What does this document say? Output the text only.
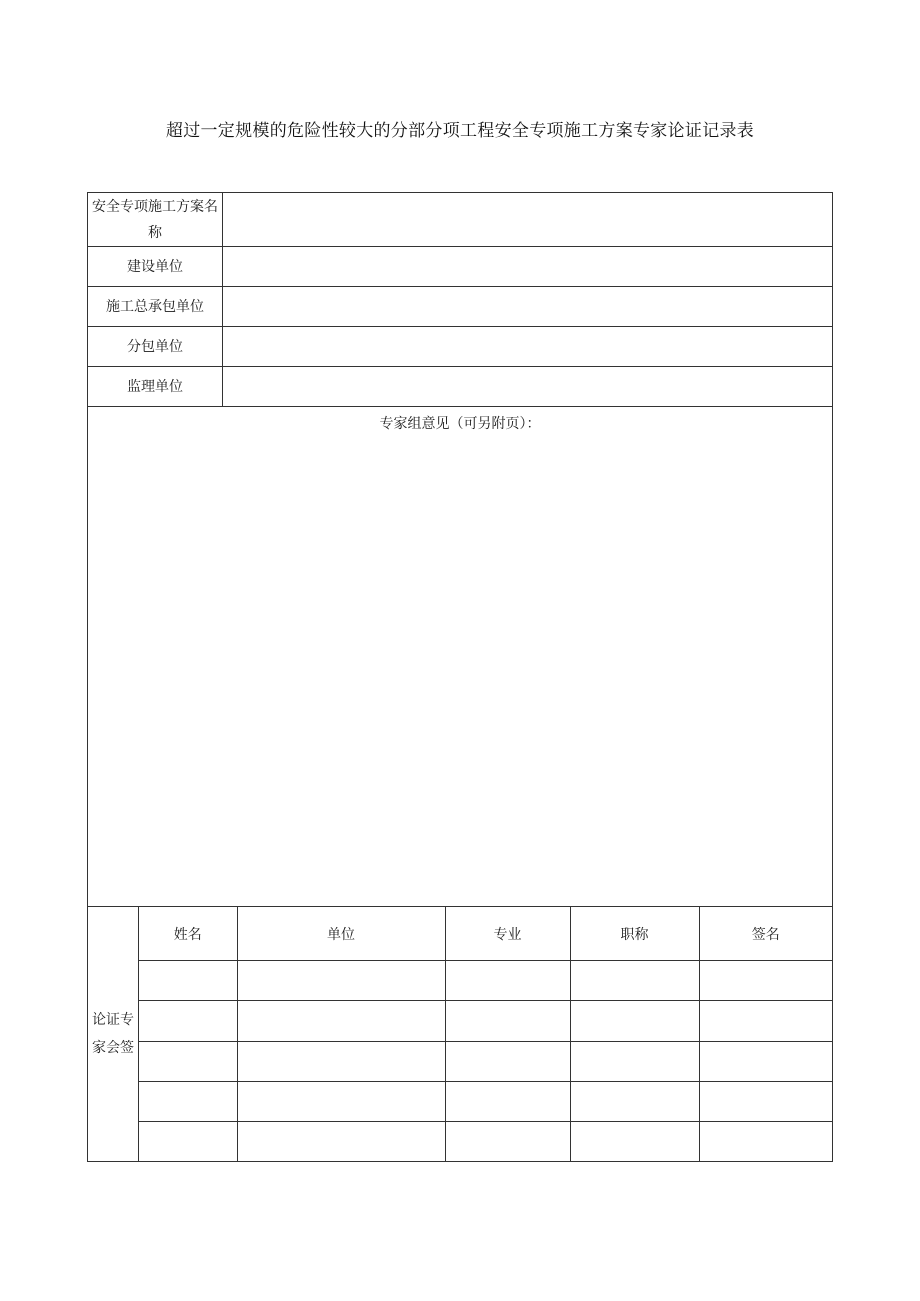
超过一定规模的危险性较大的分部分项工程安全专项施工方案专家论证记录表
安全专项施工方案名称
建设单位
施工总承包单位
分包单位
监理单位
专家组意见（可另附页）：
论证专家会签
姓名	单位	专业	职称	签名
